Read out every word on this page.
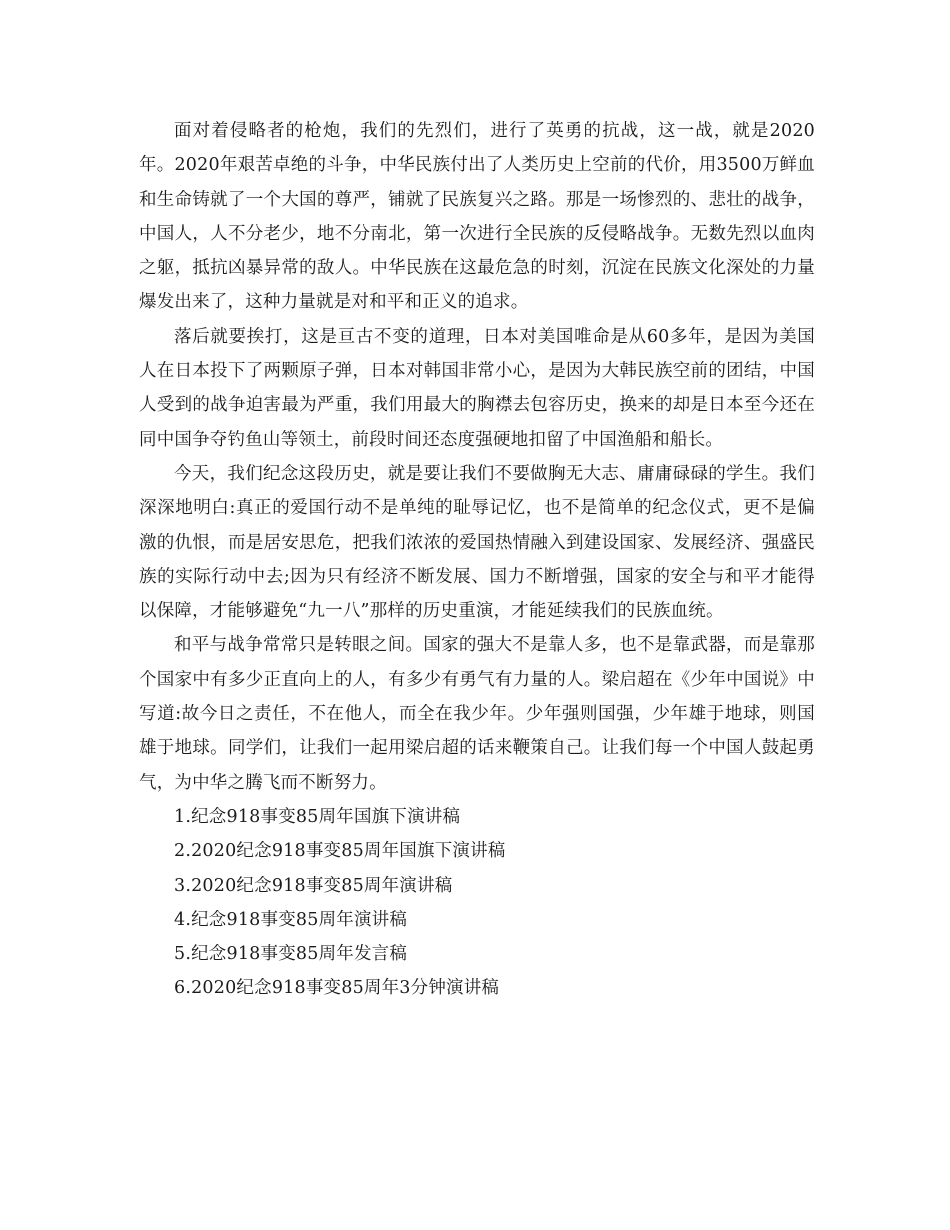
面对着侵略者的枪炮，我们的先烈们，进行了英勇的抗战，这一战，就是2020年。2020年艰苦卓绝的斗争，中华民族付出了人类历史上空前的代价，用3500万鲜血和生命铸就了一个大国的尊严，铺就了民族复兴之路。那是一场惨烈的、悲壮的战争，中国人，人不分老少，地不分南北，第一次进行全民族的反侵略战争。无数先烈以血肉之躯，抵抗凶暴异常的敌人。中华民族在这最危急的时刻，沉淀在民族文化深处的力量爆发出来了，这种力量就是对和平和正义的追求。

落后就要挨打，这是亘古不变的道理，日本对美国唯命是从60多年，是因为美国人在日本投下了两颗原子弹，日本对韩国非常小心，是因为大韩民族空前的团结，中国人受到的战争迫害最为严重，我们用最大的胸襟去包容历史，换来的却是日本至今还在同中国争夺钓鱼山等领土，前段时间还态度强硬地扣留了中国渔船和船长。

今天，我们纪念这段历史，就是要让我们不要做胸无大志、庸庸碌碌的学生。我们深深地明白:真正的爱国行动不是单纯的耻辱记忆，也不是简单的纪念仪式，更不是偏激的仇恨，而是居安思危，把我们浓浓的爱国热情融入到建设国家、发展经济、强盛民族的实际行动中去;因为只有经济不断发展、国力不断增强，国家的安全与和平才能得以保障，才能够避免“九一八”那样的历史重演，才能延续我们的民族血统。

和平与战争常常只是转眼之间。国家的强大不是靠人多，也不是靠武器，而是靠那个国家中有多少正直向上的人，有多少有勇气有力量的人。梁启超在《少年中国说》中写道:故今日之责任，不在他人，而全在我少年。少年强则国强，少年雄于地球，则国雄于地球。同学们，让我们一起用梁启超的话来鞭策自己。让我们每一个中国人鼓起勇气，为中华之腾飞而不断努力。

1.纪念918事变85周年国旗下演讲稿
2.2020纪念918事变85周年国旗下演讲稿
3.2020纪念918事变85周年演讲稿
4.纪念918事变85周年演讲稿
5.纪念918事变85周年发言稿
6.2020纪念918事变85周年3分钟演讲稿
